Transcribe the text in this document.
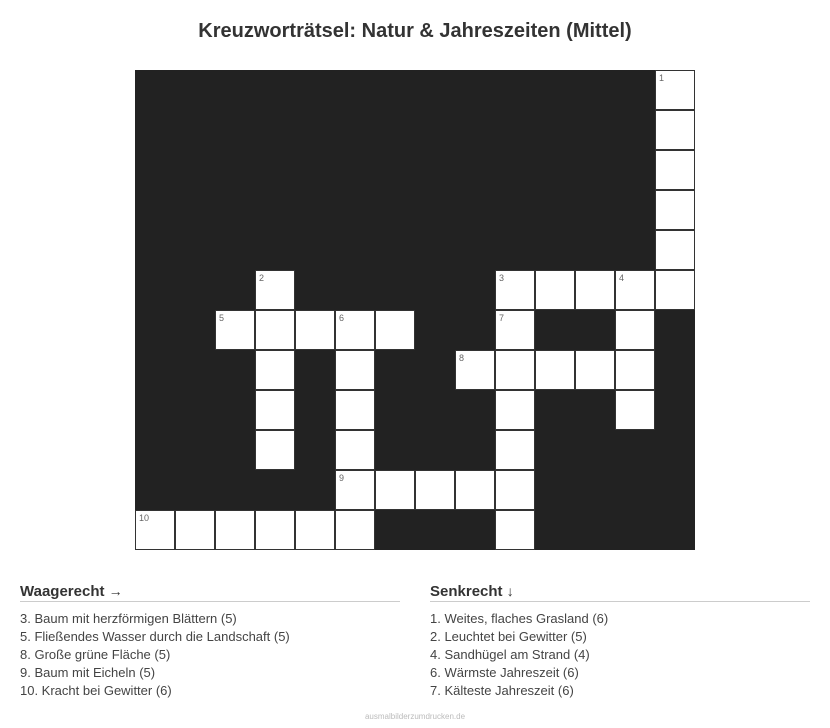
Kreuzworträtsel: Natur & Jahreszeiten (Mittel)
1
2	4
6
9
7
3
5
8
10
Waagerecht →
3. Baum mit herzförmigen Blättern (5)
5. Fließendes Wasser durch die Landschaft (5)
8. Große grüne Fläche (5)
9. Baum mit Eicheln (5)
10. Kracht bei Gewitter (6)
Senkrecht ↓
1. Weites, flaches Grasland (6)
2. Leuchtet bei Gewitter (5)
4. Sandhügel am Strand (4)
6. Wärmste Jahreszeit (6)
7. Kälteste Jahreszeit (6)
ausmalbilderzumdrucken.de
